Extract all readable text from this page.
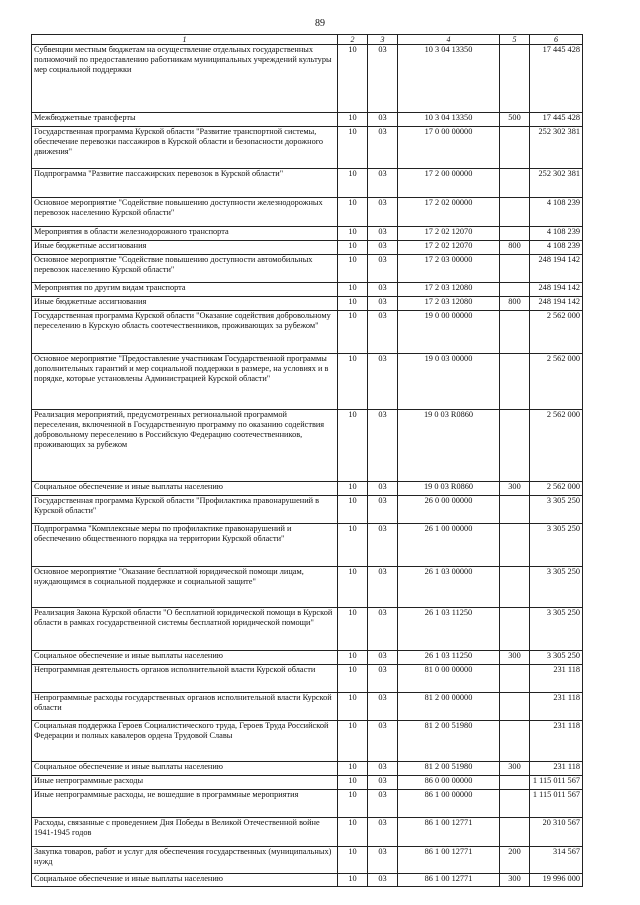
89
1	2	3	4	5	6
Субвенции местным бюджетам на осуществление отдельных государственных полномочий по предоставлению работникам муниципальных учреждений культуры мер социальной поддержки	10	03	10 3 04 13350		17 445 428
Межбюджетные трансферты	10	03	10 3 04 13350	500	17 445 428
Государственная программа Курской области "Развитие транспортной системы, обеспечение перевозки пассажиров в Курской области и безопасности дорожного движения"	10	03	17 0 00 00000		252 302 381
Подпрограмма "Развитие пассажирских перевозок в Курской области"	10	03	17 2 00 00000		252 302 381
Основное мероприятие "Содействие повышению доступности железнодорожных перевозок населению Курской области"	10	03	17 2 02 00000		4 108 239
Мероприятия в области железнодорожного транспорта	10	03	17 2 02 12070		4 108 239
Иные бюджетные ассигнования	10	03	17 2 02 12070	800	4 108 239
Основное мероприятие "Содействие повышению доступности автомобильных перевозок населению Курской области"	10	03	17 2 03 00000		248 194 142
Мероприятия по другим видам транспорта	10	03	17 2 03 12080		248 194 142
Иные бюджетные ассигнования	10	03	17 2 03 12080	800	248 194 142
Государственная программа Курской области "Оказание содействия добровольному переселению в Курскую область соотечественников, проживающих за рубежом"	10	03	19 0 00 00000		2 562 000
Основное мероприятие "Предоставление участникам Государственной программы дополнительных гарантий и мер социальной поддержки в размере, на условиях и в порядке, которые установлены Администрацией Курской области"	10	03	19 0 03 00000		2 562 000
Реализация мероприятий, предусмотренных региональной программой переселения, включенной в Государственную программу по оказанию содействия добровольному переселению в Российскую Федерацию соотечественников, проживающих за рубежом	10	03	19 0 03 R0860		2 562 000
Социальное обеспечение и иные выплаты населению	10	03	19 0 03 R0860	300	2 562 000
Государственная программа Курской области "Профилактика правонарушений в Курской области"	10	03	26 0 00 00000		3 305 250
Подпрограмма "Комплексные меры по профилактике правонарушений и обеспечению общественного порядка на территории Курской области"	10	03	26 1 00 00000		3 305 250
Основное мероприятие "Оказание бесплатной юридической помощи лицам, нуждающимся в социальной поддержке и социальной защите"	10	03	26 1 03 00000		3 305 250
Реализация Закона Курской области "О бесплатной юридической помощи в Курской области в рамках государственной системы бесплатной юридической помощи"	10	03	26 1 03 11250		3 305 250
Социальное обеспечение и иные выплаты населению	10	03	26 1 03 11250	300	3 305 250
Непрограммная деятельность органов исполнительной власти Курской области	10	03	81 0 00 00000		231 118
Непрограммные расходы государственных органов исполнительной власти Курской области	10	03	81 2 00 00000		231 118
Социальная поддержка Героев Социалистического труда, Героев Труда Российской Федерации и полных кавалеров ордена Трудовой Славы	10	03	81 2 00 51980		231 118
Социальное обеспечение и иные выплаты населению	10	03	81 2 00 51980	300	231 118
Иные непрограммные расходы	10	03	86 0 00 00000		1 115 011 567
Иные непрограммные расходы, не вошедшие в программные мероприятия	10	03	86 1 00 00000		1 115 011 567
Расходы, связанные с проведением Дня Победы в Великой Отечественной войне 1941-1945 годов	10	03	86 1 00 12771		20 310 567
Закупка товаров, работ и услуг для обеспечения государственных (муниципальных) нужд	10	03	86 1 00 12771	200	314 567
Социальное обеспечение и иные выплаты населению	10	03	86 1 00 12771	300	19 996 000
